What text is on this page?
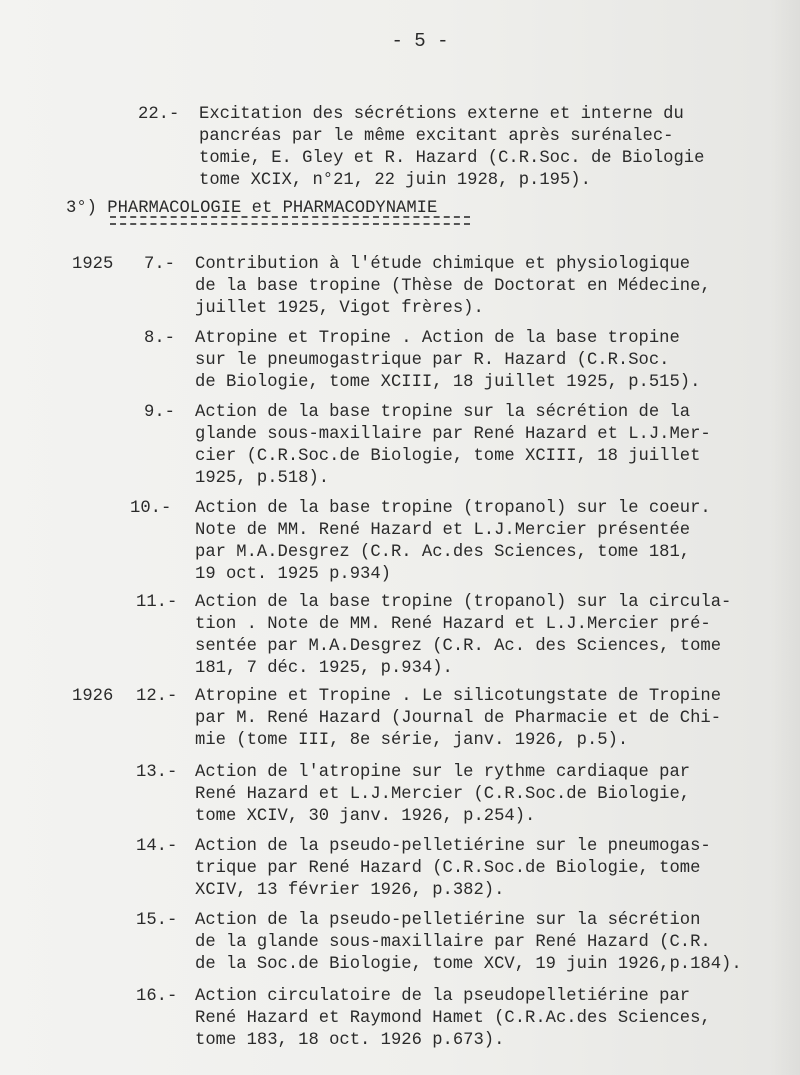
- 5 -
22.-	Excitation des sécrétions externe et interne du
pancréas par le même excitant après surénalec-
tomie, E. Gley et R. Hazard (C.R.Soc. de Biologie
tome XCIX, n°21, 22 juin 1928, p.195).
3°) PHARMACOLOGIE et PHARMACODYNAMIE
1925	7.-	Contribution à l'étude chimique et physiologique
de la base tropine (Thèse de Doctorat en Médecine,
juillet 1925, Vigot frères).
8.-	Atropine et Tropine . Action de la base tropine
sur le pneumogastrique par R. Hazard (C.R.Soc.
de Biologie, tome XCIII, 18 juillet 1925, p.515).
9.-	Action de la base tropine sur la sécrétion de la
glande sous-maxillaire par René Hazard et L.J.Mer-
cier (C.R.Soc.de Biologie, tome XCIII, 18 juillet
1925, p.518).
10.-	Action de la base tropine (tropanol) sur le coeur.
Note de MM. René Hazard et L.J.Mercier présentée
par M.A.Desgrez (C.R. Ac.des Sciences, tome 181,
19 oct. 1925 p.934)
11.-	Action de la base tropine (tropanol) sur la circula-
tion . Note de MM. René Hazard et L.J.Mercier pré-
sentée par M.A.Desgrez (C.R. Ac. des Sciences, tome
181, 7 déc. 1925, p.934).
1926	12.-	Atropine et Tropine . Le silicotungstate de Tropine
par M. René Hazard (Journal de Pharmacie et de Chi-
mie (tome III, 8e série, janv. 1926, p.5).
13.-	Action de l'atropine sur le rythme cardiaque par
René Hazard et L.J.Mercier (C.R.Soc.de Biologie,
tome XCIV, 30 janv. 1926, p.254).
14.-	Action de la pseudo-pelletiérine sur le pneumogas-
trique par René Hazard (C.R.Soc.de Biologie, tome
XCIV, 13 février 1926, p.382).
15.-	Action de la pseudo-pelletiérine sur la sécrétion
de la glande sous-maxillaire par René Hazard (C.R.
de la Soc.de Biologie, tome XCV, 19 juin 1926,p.184).
16.-	Action circulatoire de la pseudopelletiérine par
René Hazard et Raymond Hamet (C.R.Ac.des Sciences,
tome 183, 18 oct. 1926 p.673).
